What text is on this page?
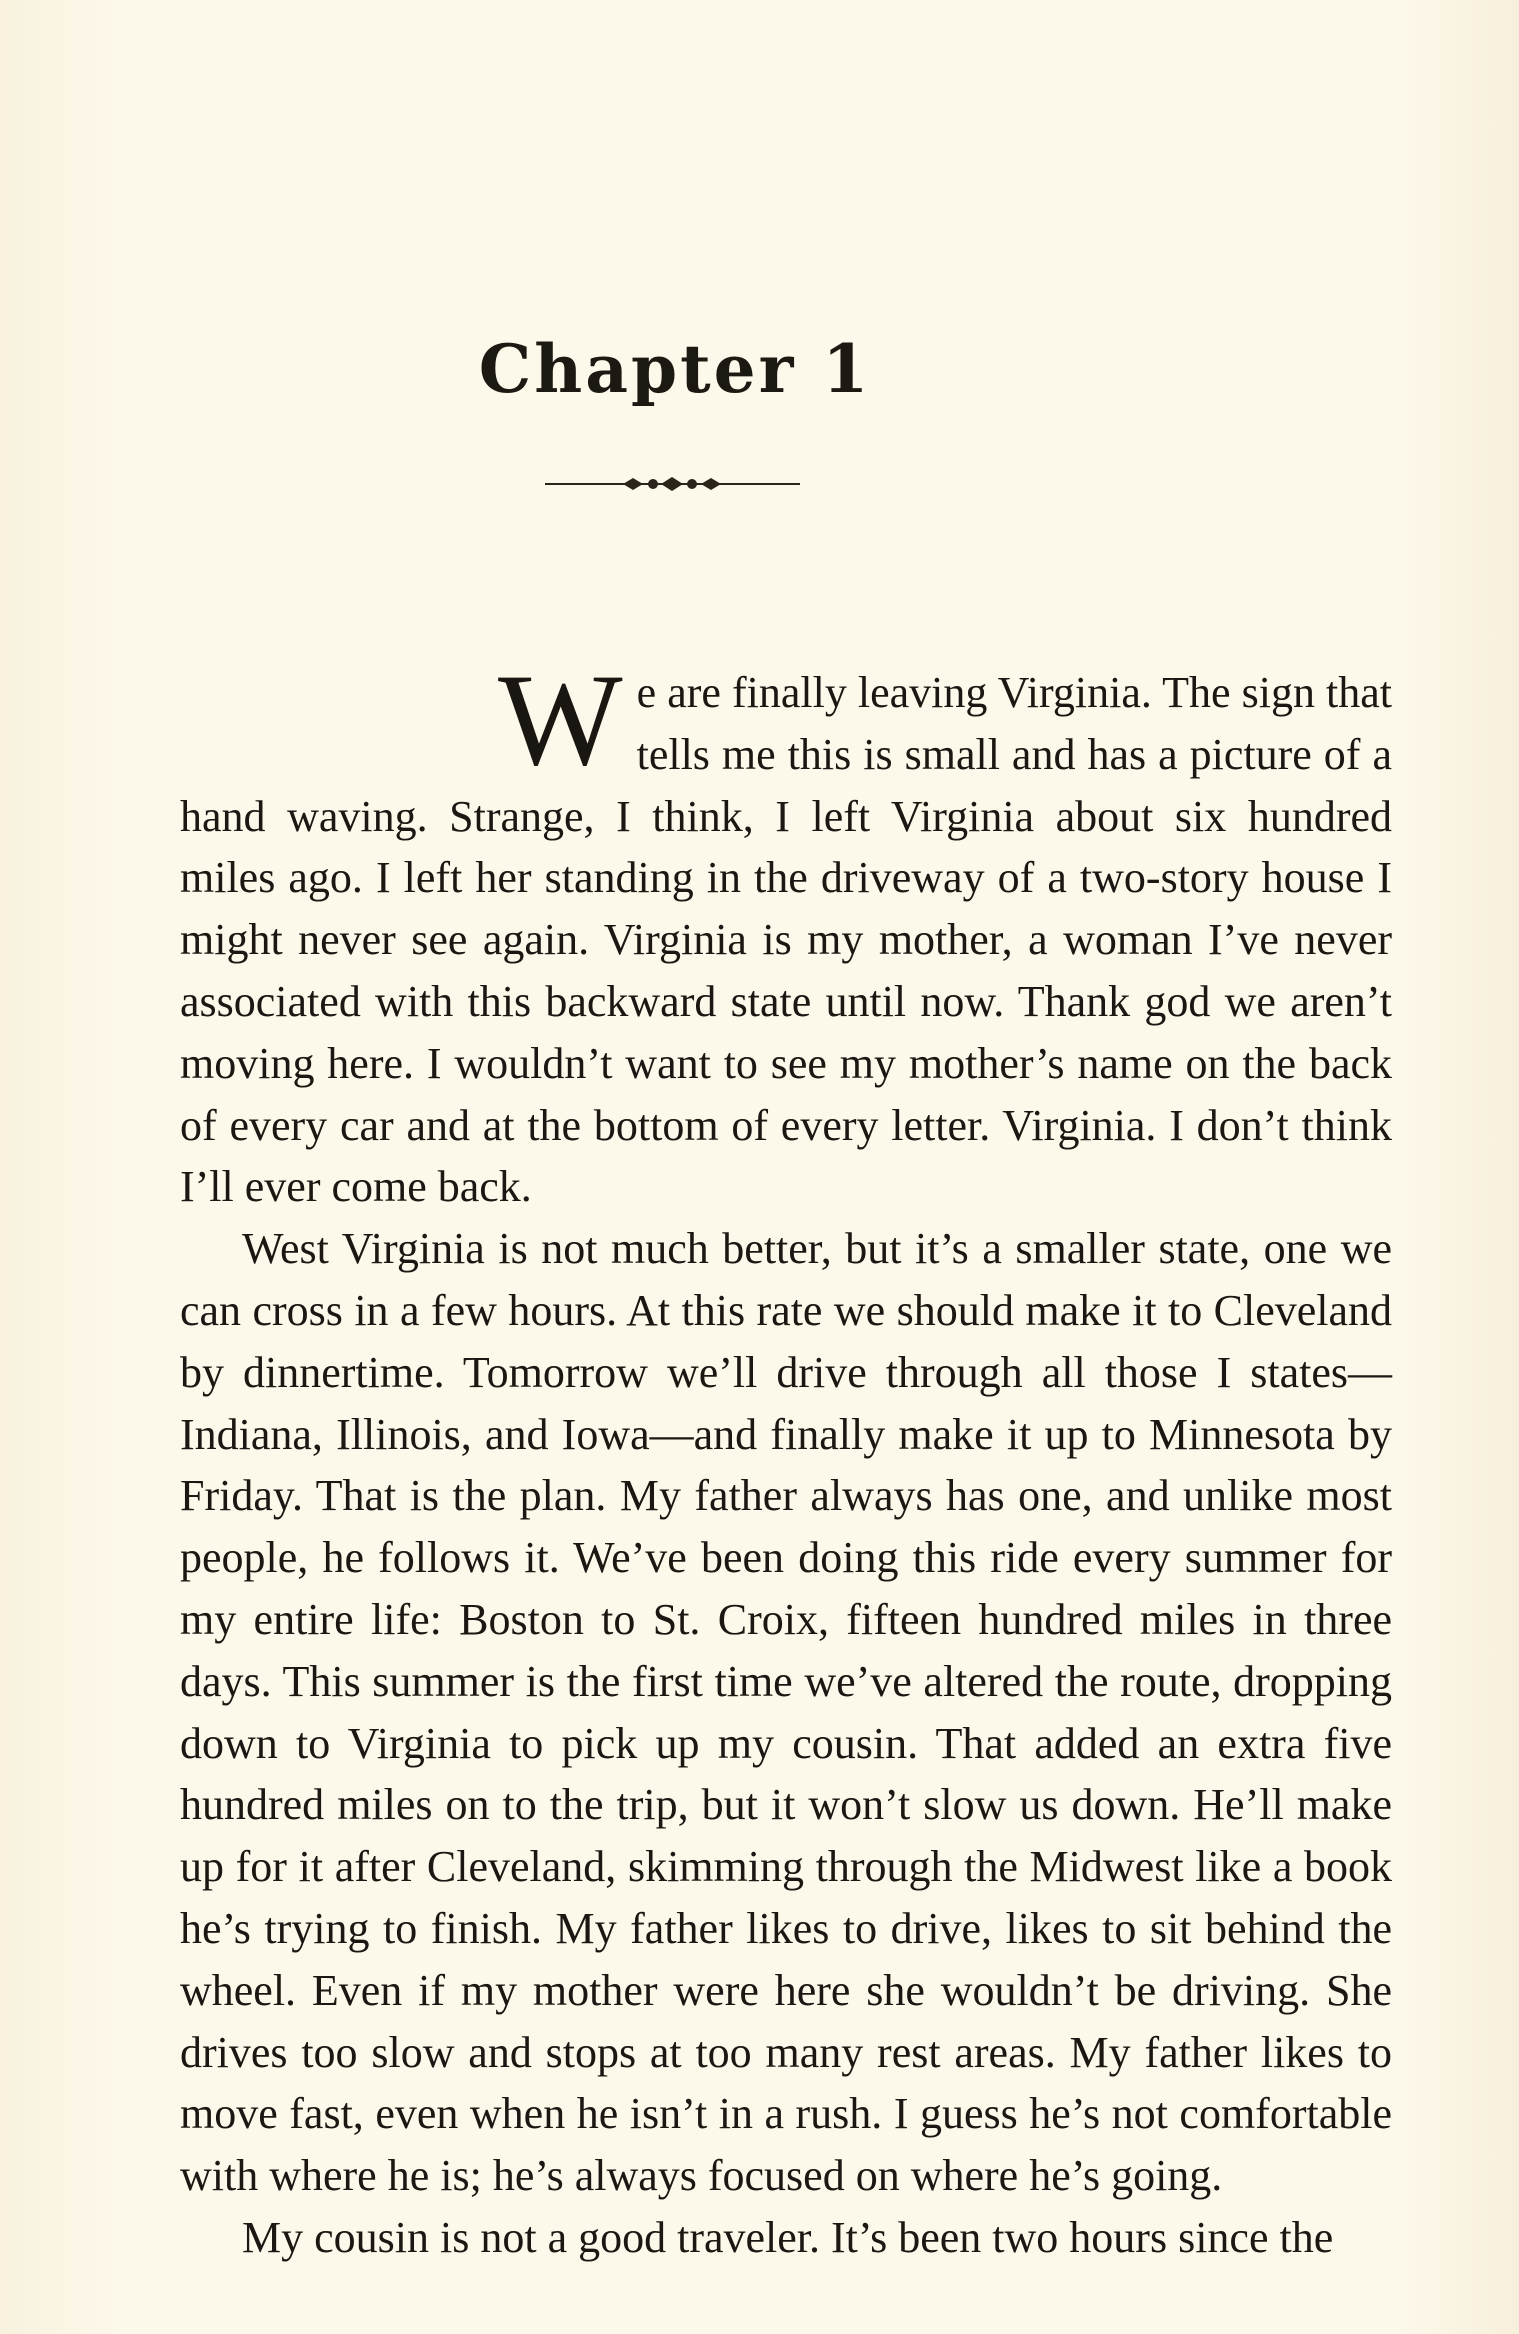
Chapter 1

We are finally leaving Virginia. The sign that tells me this is small and has a picture of a hand waving. Strange, I think, I left Virginia about six hundred miles ago. I left her standing in the driveway of a two-story house I might never see again. Virginia is my mother, a woman I’ve never associated with this backward state until now. Thank god we aren’t moving here. I wouldn’t want to see my mother’s name on the back of every car and at the bottom of every letter. Virginia. I don’t think I’ll ever come back.

West Virginia is not much better, but it’s a smaller state, one we can cross in a few hours. At this rate we should make it to Cleveland by dinnertime. Tomorrow we’ll drive through all those I states—Indiana, Illinois, and Iowa—and finally make it up to Minnesota by Friday. That is the plan. My father always has one, and unlike most people, he follows it. We’ve been doing this ride every summer for my entire life: Boston to St. Croix, fifteen hundred miles in three days. This summer is the first time we’ve altered the route, dropping down to Virginia to pick up my cousin. That added an extra five hundred miles on to the trip, but it won’t slow us down. He’ll make up for it after Cleveland, skimming through the Midwest like a book he’s trying to finish. My father likes to drive, likes to sit behind the wheel. Even if my mother were here she wouldn’t be driving. She drives too slow and stops at too many rest areas. My father likes to move fast, even when he isn’t in a rush. I guess he’s not comfortable with where he is; he’s always focused on where he’s going.

My cousin is not a good traveler. It’s been two hours since the
